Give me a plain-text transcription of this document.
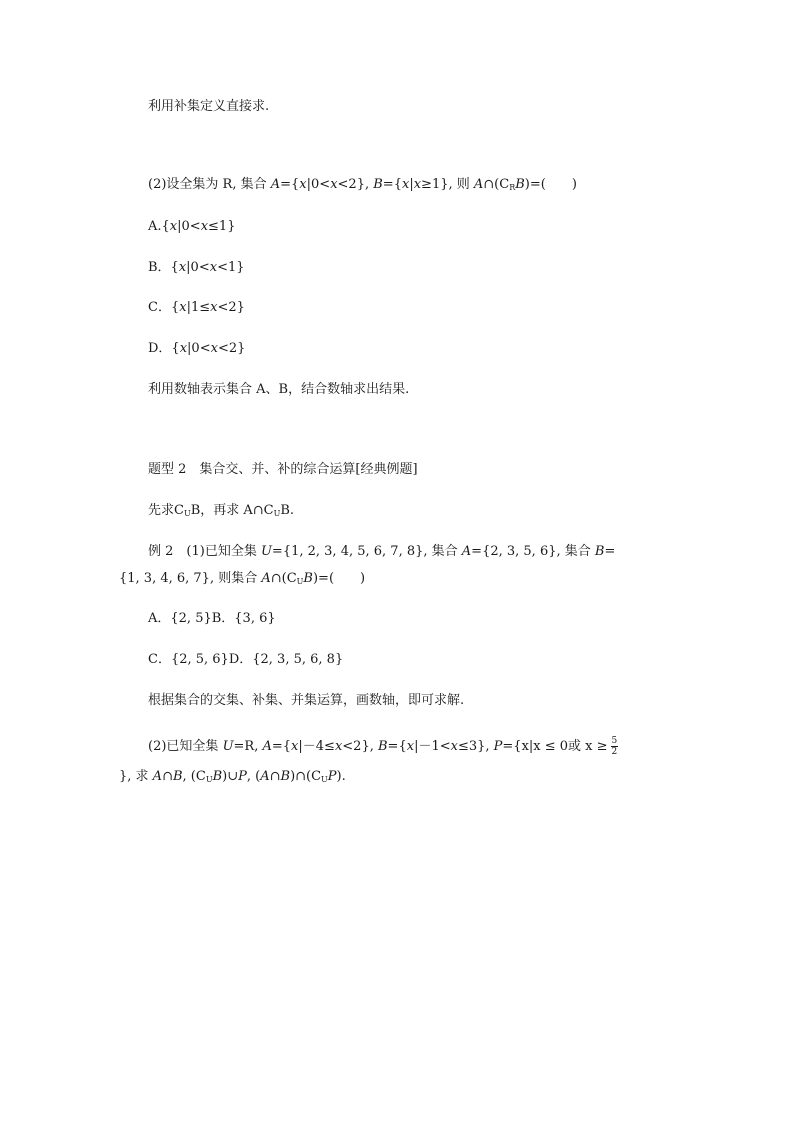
利用补集定义直接求.
(2)设全集为 R, 集合 A={x|0<x<2}, B={x|x≥1}, 则 $A\cap(C_RB)=$(　　)
A.{x|0<x≤1}
B．{x|0<x<1}
C．{x|1≤x<2}
D．{x|0<x<2}
利用数轴表示集合 A、B，结合数轴求出结果.
题型 2　集合交、并、补的综合运算[经典例题]
先求$C_UB$，再求 $A\cap C_UB$.
例 2　(1)已知全集 U={1, 2, 3, 4, 5, 6, 7, 8}, 集合 A={2, 3, 5, 6}, 集合 B=
{1, 3, 4, 6, 7}, 则集合 $A\cap(C_UB)=$(　　)
A．{2, 5}B．{3, 6}
C．{2, 5, 6}D．{2, 3, 5, 6, 8}
根据集合的交集、补集、并集运算，画数轴，即可求解.
(2)已知全集 U=R, A={x|－4≤x<2}, B={x|－1<x≤3}, P={x|x ≤ 0或 $x \ge \frac{5}{2}$
}, 求 A∩B, $(C_UB)\cup P$, $(A\cap B)\cap(C_UP)$.
